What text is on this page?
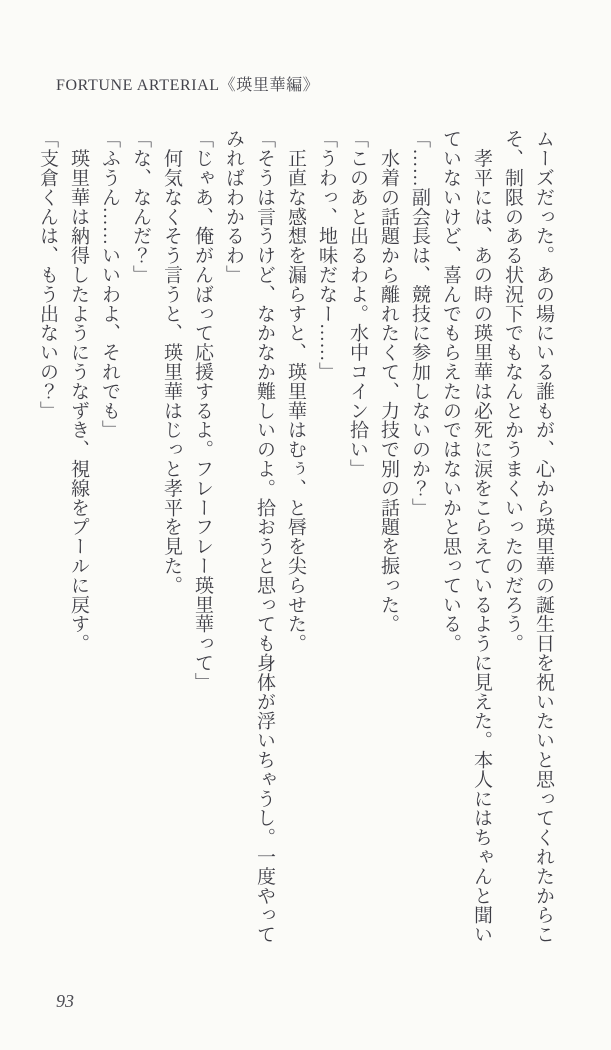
FORTUNE ARTERIAL《瑛里華編》

ムーズだった。あの場にいる誰もが、心から瑛里華の誕生日を祝いたいと思ってくれたからこ

そ、制限のある状況下でもなんとかうまくいったのだろう。

　孝平には、あの時の瑛里華は必死に涙をこらえているように見えた。本人にはちゃんと聞い

ていないけど、喜んでもらえたのではないかと思っている。

「……副会長は、競技に参加しないのか？」

　水着の話題から離れたくて、力技で別の話題を振った。

「このあと出るわよ。水中コイン拾い」

「うわっ、地味だなー……」

　正直な感想を漏らすと、瑛里華はむぅ、と唇を尖らせた。

「そうは言うけど、なかなか難しいのよ。拾おうと思っても身体が浮いちゃうし。一度やって

みればわかるわ」

「じゃあ、俺がんばって応援するよ。フレーフレー瑛里華って」

　何気なくそう言うと、瑛里華はじっと孝平を見た。

「な、なんだ？」

「ふうん……いいわよ、それでも」

　瑛里華は納得したようにうなずき、視線をプールに戻す。

「支倉くんは、もう出ないの？」

93
